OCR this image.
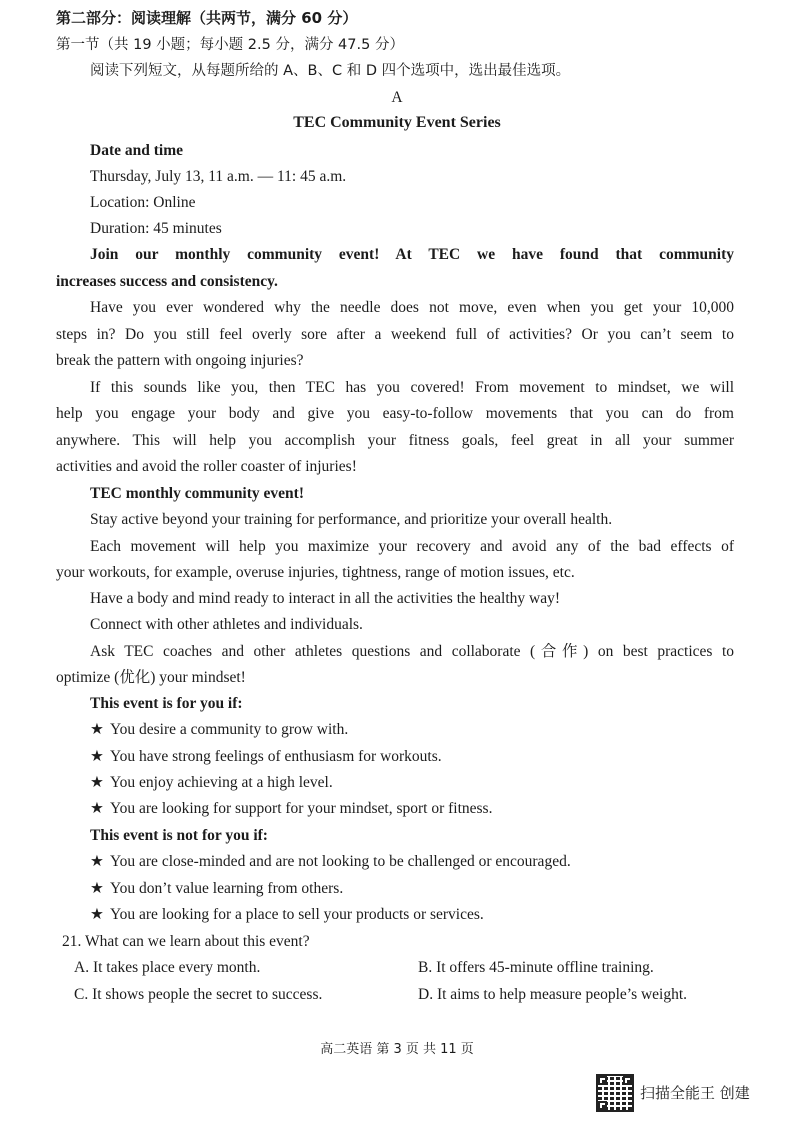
第二部分：阅读理解（共两节，满分 60 分）
第一节（共 19 小题；每小题 2.5 分，满分 47.5 分）
阅读下列短文，从每题所给的 A、B、C 和 D 四个选项中，选出最佳选项。
A
TEC Community Event Series
Date and time
Thursday, July 13, 11 a.m. — 11: 45 a.m.
Location: Online
Duration: 45 minutes
Join our monthly community event! At TEC we have found that community
increases success and consistency.
Have you ever wondered why the needle does not move, even when you get your 10,000
steps in? Do you still feel overly sore after a weekend full of activities? Or you can’t seem to
break the pattern with ongoing injuries?
If this sounds like you, then TEC has you covered! From movement to mindset, we will
help you engage your body and give you easy-to-follow movements that you can do from
anywhere. This will help you accomplish your fitness goals, feel great in all your summer
activities and avoid the roller coaster of injuries!
TEC monthly community event!
Stay active beyond your training for performance, and prioritize your overall health.
Each movement will help you maximize your recovery and avoid any of the bad effects of
your workouts, for example, overuse injuries, tightness, range of motion issues, etc.
Have a body and mind ready to interact in all the activities the healthy way!
Connect with other athletes and individuals.
Ask TEC coaches and other athletes questions and collaborate (合作) on best practices to
optimize (优化) your mindset!
This event is for you if:
★ You desire a community to grow with.
★ You have strong feelings of enthusiasm for workouts.
★ You enjoy achieving at a high level.
★ You are looking for support for your mindset, sport or fitness.
This event is not for you if:
★ You are close-minded and are not looking to be challenged or encouraged.
★ You don’t value learning from others.
★ You are looking for a place to sell your products or services.
21. What can we learn about this event?
A. It takes place every month.	B. It offers 45-minute offline training.
C. It shows people the secret to success.	D. It aims to help measure people’s weight.
高二英语 第 3 页 共 11 页
扫描全能王 创建
